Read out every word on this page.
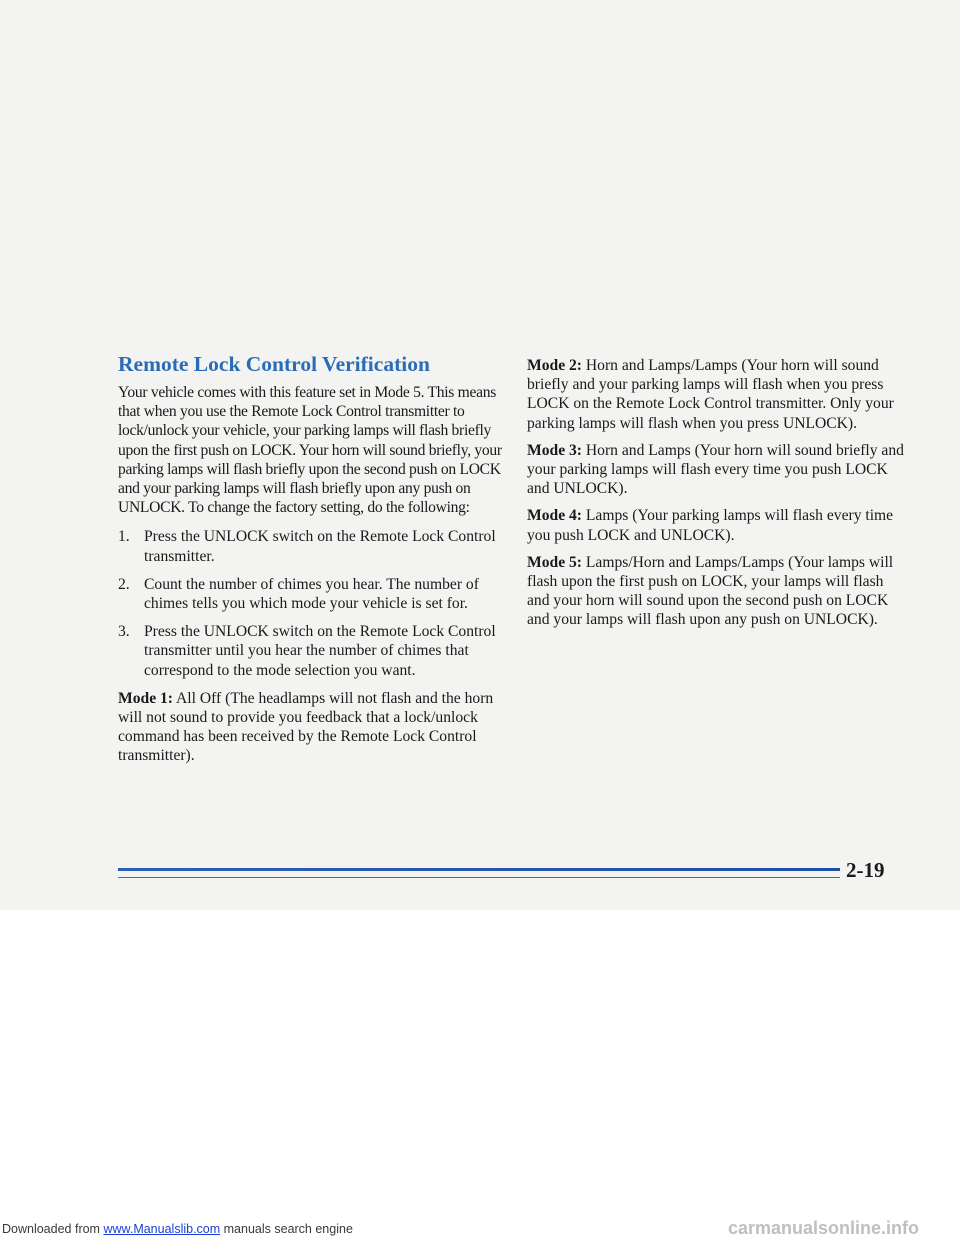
Remote Lock Control Verification

Your vehicle comes with this feature set in Mode 5. This means that when you use the Remote Lock Control transmitter to lock/unlock your vehicle, your parking lamps will flash briefly upon the first push on LOCK. Your horn will sound briefly, your parking lamps will flash briefly upon the second push on LOCK and your parking lamps will flash briefly upon any push on UNLOCK. To change the factory setting, do the following:

1. Press the UNLOCK switch on the Remote Lock Control transmitter.
2. Count the number of chimes you hear. The number of chimes tells you which mode your vehicle is set for.
3. Press the UNLOCK switch on the Remote Lock Control transmitter until you hear the number of chimes that correspond to the mode selection you want.

Mode 1: All Off (The headlamps will not flash and the horn will not sound to provide you feedback that a lock/unlock command has been received by the Remote Lock Control transmitter).

Mode 2: Horn and Lamps/Lamps (Your horn will sound briefly and your parking lamps will flash when you press LOCK on the Remote Lock Control transmitter. Only your parking lamps will flash when you press UNLOCK).

Mode 3: Horn and Lamps (Your horn will sound briefly and your parking lamps will flash every time you push LOCK and UNLOCK).

Mode 4: Lamps (Your parking lamps will flash every time you push LOCK and UNLOCK).

Mode 5: Lamps/Horn and Lamps/Lamps (Your lamps will flash upon the first push on LOCK, your lamps will flash and your horn will sound upon the second push on LOCK and your lamps will flash upon any push on UNLOCK).

2-19
Downloaded from www.Manualslib.com manuals search engine	carmanualsonline.info
